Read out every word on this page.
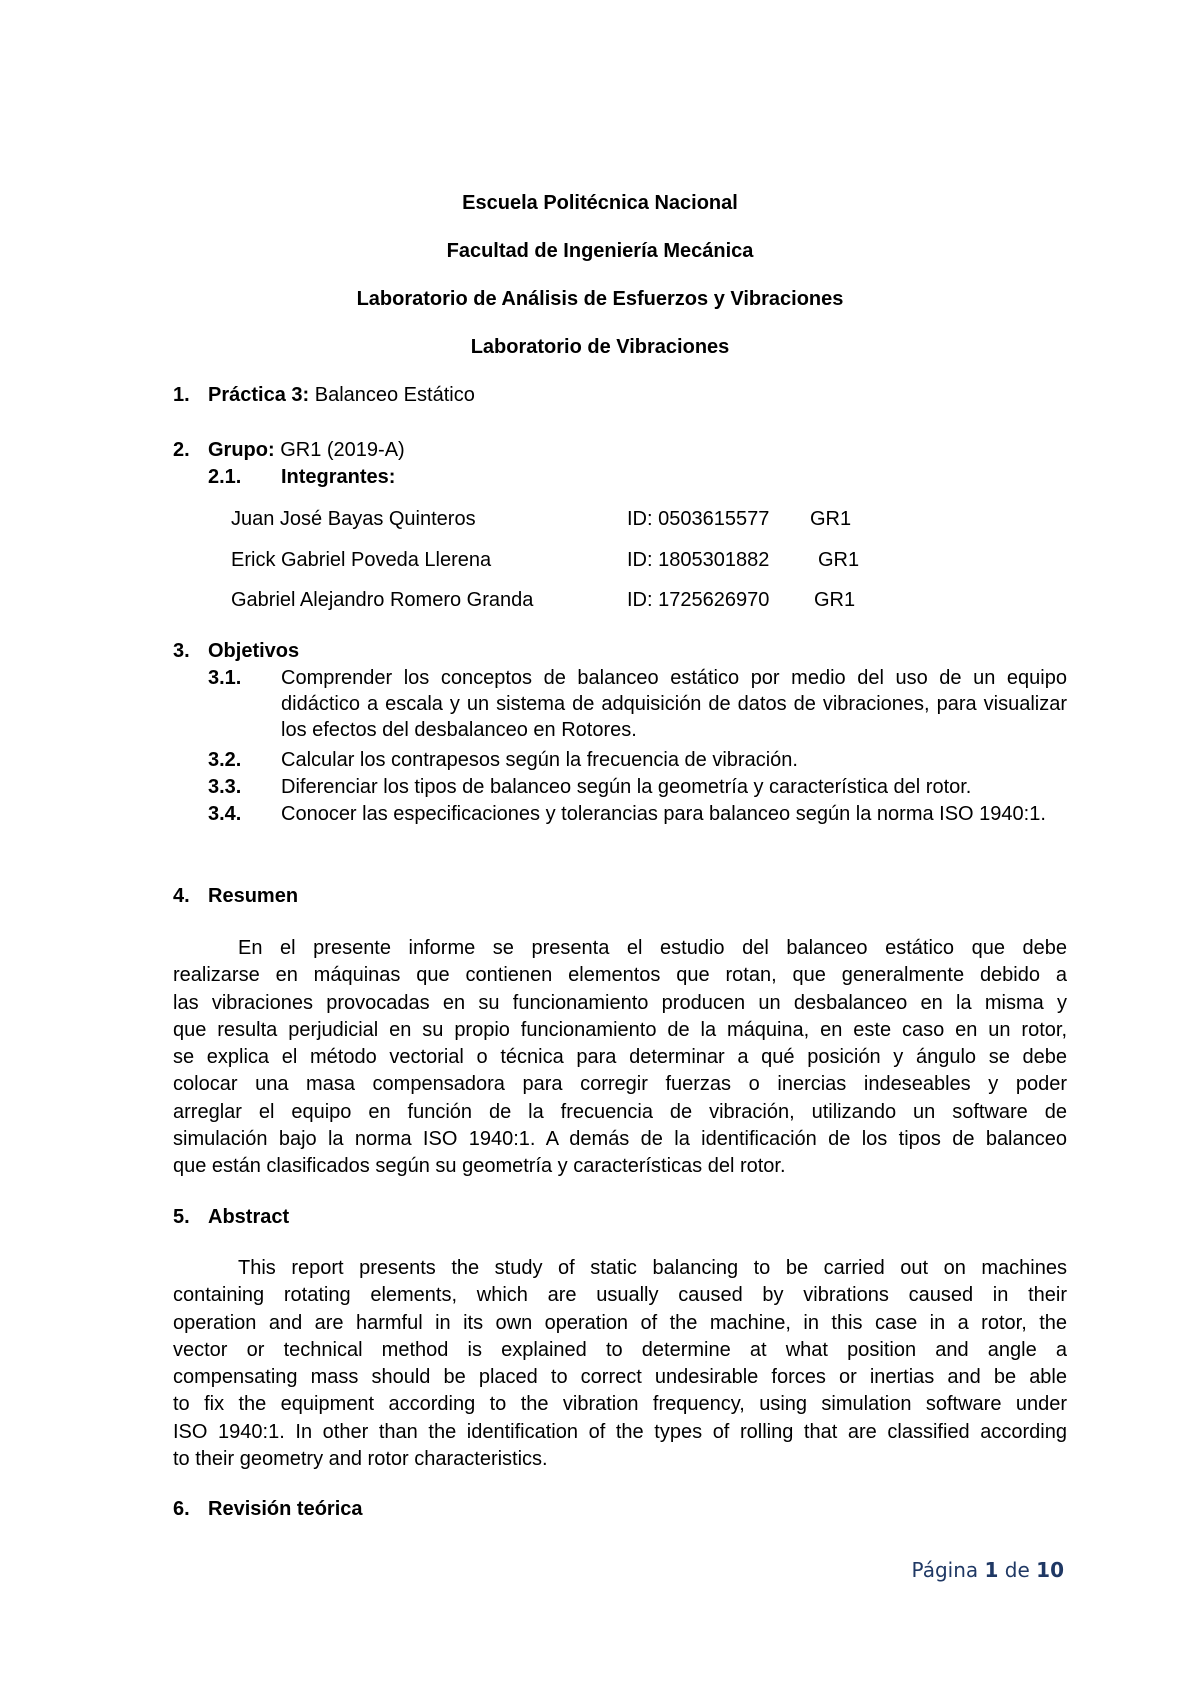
Escuela Politécnica Nacional
Facultad de Ingeniería Mecánica
Laboratorio de Análisis de Esfuerzos y Vibraciones
Laboratorio de Vibraciones
1. Práctica 3: Balanceo Estático
2. Grupo: GR1 (2019-A)
2.1. Integrantes:
Juan José Bayas Quinteros	ID: 0503615577 GR1
Erick Gabriel Poveda Llerena	ID: 1805301882 GR1
Gabriel Alejandro Romero Granda	ID: 1725626970 GR1
3. Objetivos
3.1. Comprender los conceptos de balanceo estático por medio del uso de un equipo didáctico a escala y un sistema de adquisición de datos de vibraciones, para visualizar los efectos del desbalanceo en Rotores.
3.2. Calcular los contrapesos según la frecuencia de vibración.
3.3. Diferenciar los tipos de balanceo según la geometría y característica del rotor.
3.4. Conocer las especificaciones y tolerancias para balanceo según la norma ISO 1940:1.
4. Resumen
En el presente informe se presenta el estudio del balanceo estático que debe
realizarse en máquinas que contienen elementos que rotan, que generalmente debido a
las vibraciones provocadas en su funcionamiento producen un desbalanceo en la misma y
que resulta perjudicial en su propio funcionamiento de la máquina, en este caso en un rotor,
se explica el método vectorial o técnica para determinar a qué posición y ángulo se debe
colocar una masa compensadora para corregir fuerzas o inercias indeseables y poder
arreglar el equipo en función de la frecuencia de vibración, utilizando un software de
simulación bajo la norma ISO 1940:1. A demás de la identificación de los tipos de balanceo
que están clasificados según su geometría y características del rotor.
5. Abstract
This report presents the study of static balancing to be carried out on machines
containing rotating elements, which are usually caused by vibrations caused in their
operation and are harmful in its own operation of the machine, in this case in a rotor, the
vector or technical method is explained to determine at what position and angle a
compensating mass should be placed to correct undesirable forces or inertias and be able
to fix the equipment according to the vibration frequency, using simulation software under
ISO 1940:1. In other than the identification of the types of rolling that are classified according
to their geometry and rotor characteristics.
6. Revisión teórica
Página 1 de 10
